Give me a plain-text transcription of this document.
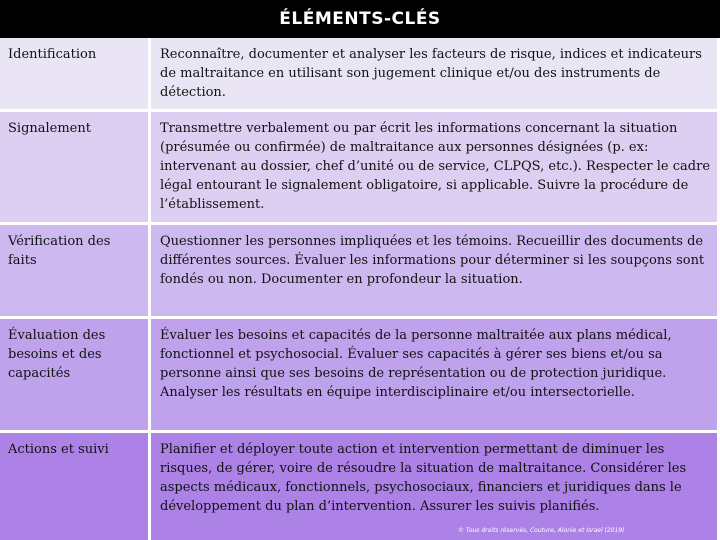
ÉLÉMENTS-CLÉS
Identification	Reconnaître, documenter et analyser les facteurs de risque, indices et indicateurs de maltraitance en utilisant son jugement clinique et/ou des instruments de détection.
Signalement	Transmettre verbalement ou par écrit les informations concernant la situation (présumée ou confirmée) de maltraitance aux personnes désignées (p. ex: intervenant au dossier, chef d’unité ou de service, CLPQS, etc.). Respecter le cadre légal entourant le signalement obligatoire, si applicable. Suivre la procédure de l’établissement.
Vérification des faits	Questionner les personnes impliquées et les témoins. Recueillir des documents de différentes sources. Évaluer les informations pour déterminer si les soupçons sont fondés ou non. Documenter en profondeur la situation.
Évaluation des besoins et des capacités	Évaluer les besoins et capacités de la personne maltraitée aux plans médical, fonctionnel et psychosocial. Évaluer ses capacités à gérer ses biens et/ou sa personne ainsi que ses besoins de représentation ou de protection juridique. Analyser les résultats en équipe interdisciplinaire et/ou intersectorielle.
Actions et suivi	Planifier et déployer toute action et intervention permettant de diminuer les risques, de gérer, voire de résoudre la situation de maltraitance. Considérer les aspects médicaux, fonctionnels, psychosociaux, financiers et juridiques dans le développement du plan d’intervention. Assurer les suivis planifiés.
© Tous droits réservés, Couture, Alonie et Israel (2019)
